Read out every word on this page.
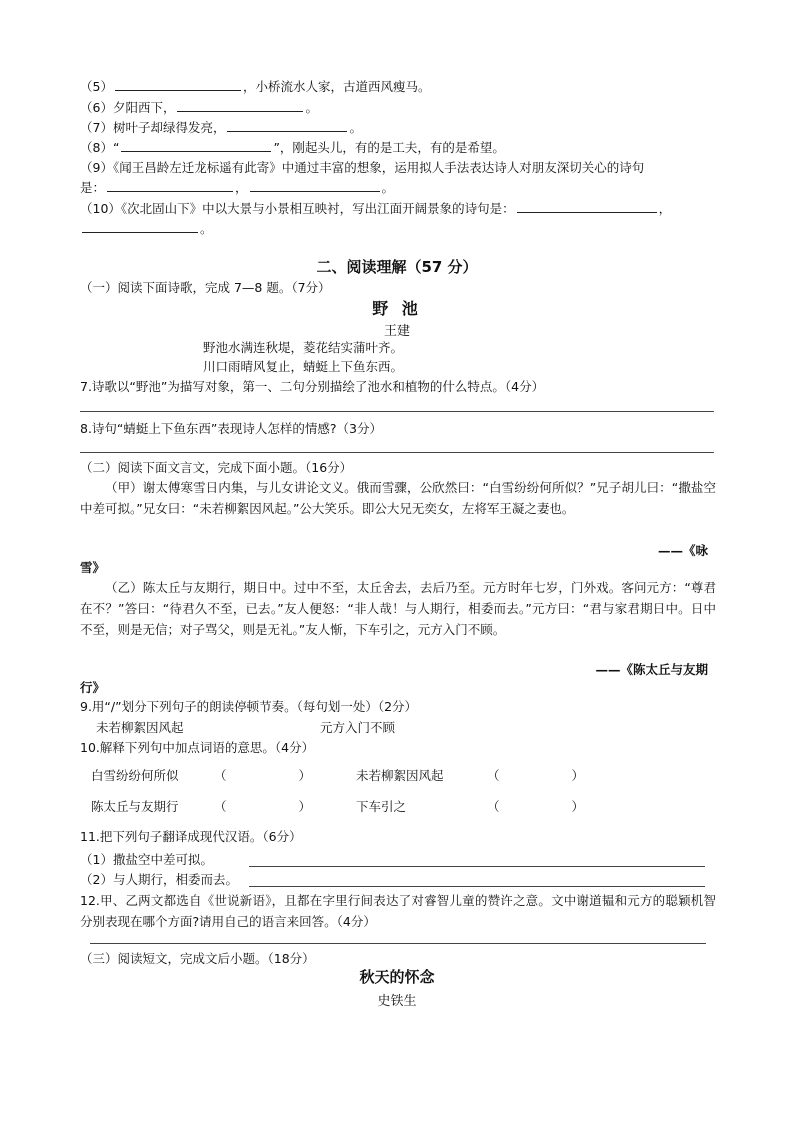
（5）	，小桥流水人家，古道西风瘦马。
（6）夕阳西下，	。
（7）树叶子却绿得发亮，	。
（8）“	”，刚起头儿，有的是工夫，有的是希望。
（9）《闻王昌龄左迁龙标遥有此寄》中通过丰富的想象，运用拟人手法表达诗人对朋友深切关心的诗句
是：	，	。
（10）《次北固山下》中以大景与小景相互映衬，写出江面开阔景象的诗句是：	，
。
二、阅读理解（57 分）
（一）阅读下面诗歌，完成 7—8 题。（7分）
野 池
王建
野池水满连秋堤，菱花结实蒲叶齐。
川口雨晴风复止，蜻蜓上下鱼东西。
7.诗歌以“野池”为描写对象，第一、二句分别描绘了池水和植物的什么特点。（4分）
8.诗句“蜻蜓上下鱼东西”表现诗人怎样的情感?（3分）
（二）阅读下面文言文，完成下面小题。（16分）
（甲）谢太傅寒雪日内集，与儿女讲论文义。俄而雪骤，公欣然曰：“白雪纷纷何所似？”兄子胡儿曰：“撒盐空中差可拟。”兄女曰：“未若柳絮因风起。”公大笑乐。即公大兄无奕女，左将军王凝之妻也。
——《咏
雪》
（乙）陈太丘与友期行，期日中。过中不至，太丘舍去，去后乃至。元方时年七岁，门外戏。客问元方：“尊君在不？”答曰：“待君久不至，已去。”友人便怒：“非人哉！与人期行，相委而去。”元方曰：“君与家君期日中。日中不至，则是无信；对子骂父，则是无礼。”友人惭，下车引之，元方入门不顾。
——《陈太丘与友期
行》
9.用“/”划分下列句子的朗读停顿节奏。（每句划一处）（2分）
未若柳絮因风起	元方入门不顾
10.解释下列句中加点词语的意思。（4分）
白雪纷纷何所似	（	）	未若柳絮因风起	（	）
陈太丘与友期行	（	）	下车引之	（	）
11.把下列句子翻译成现代汉语。（6分）
（1）撒盐空中差可拟。
（2）与人期行，相委而去。
12.甲、乙两文都选自《世说新语》，且都在字里行间表达了对睿智儿童的赞许之意。文中谢道韫和元方的聪颖机智分别表现在哪个方面?请用自己的语言来回答。（4分）
（三）阅读短文，完成文后小题。（18分）
秋天的怀念
史铁生
